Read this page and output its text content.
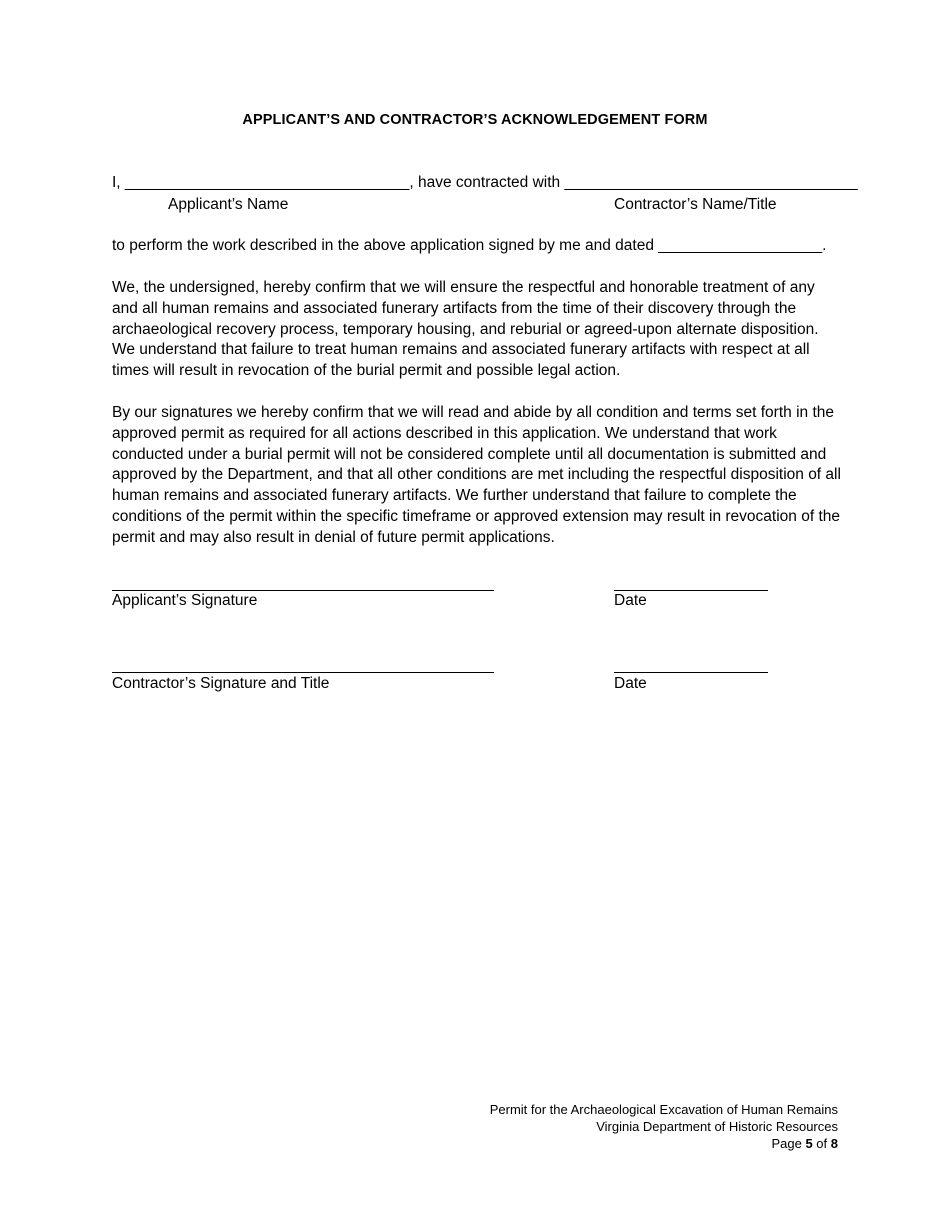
APPLICANT’S AND CONTRACTOR’S ACKNOWLEDGEMENT FORM
I, _________________________________, have contracted with __________________________________
Applicant’s Name	Contractor’s Name/Title
to perform the work described in the above application signed by me and dated ___________________.
We, the undersigned, hereby confirm that we will ensure the respectful and honorable treatment of any and all human remains and associated funerary artifacts from the time of their discovery through the archaeological recovery process, temporary housing, and reburial or agreed-upon alternate disposition. We understand that failure to treat human remains and associated funerary artifacts with respect at all times will result in revocation of the burial permit and possible legal action.
By our signatures we hereby confirm that we will read and abide by all condition and terms set forth in the approved permit as required for all actions described in this application. We understand that work conducted under a burial permit will not be considered complete until all documentation is submitted and approved by the Department, and that all other conditions are met including the respectful disposition of all human remains and associated funerary artifacts. We further understand that failure to complete the conditions of the permit within the specific timeframe or approved extension may result in revocation of the permit and may also result in denial of future permit applications.
Applicant’s Signature	Date
Contractor’s Signature and Title	Date
Permit for the Archaeological Excavation of Human Remains
Virginia Department of Historic Resources
Page 5 of 8
